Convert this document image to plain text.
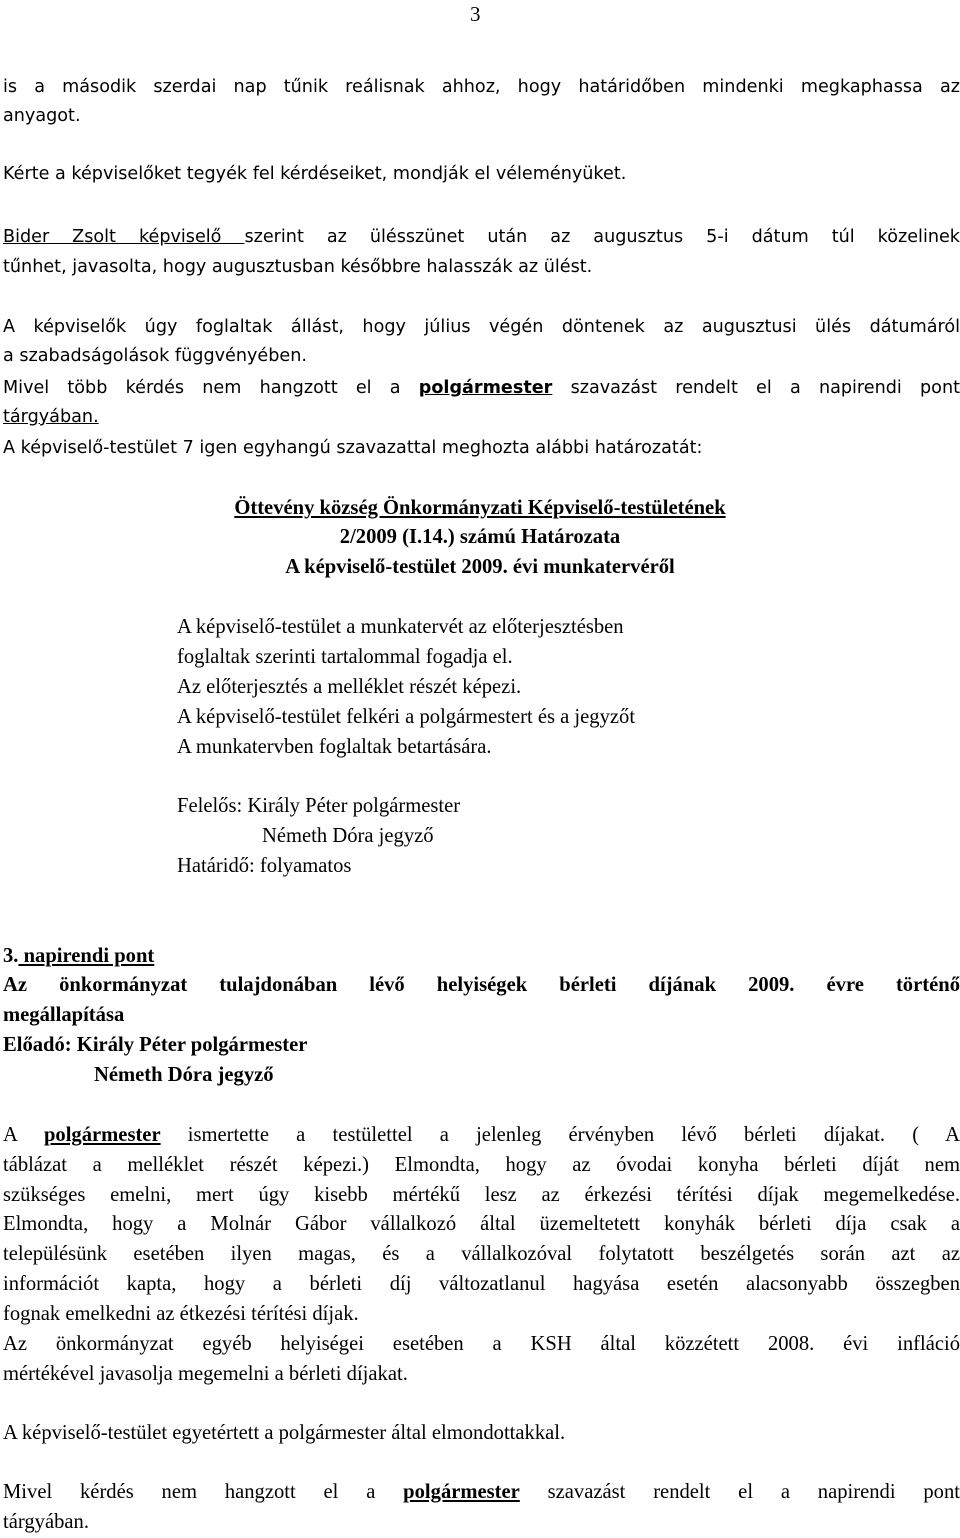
3
is a második szerdai nap tűnik reálisnak ahhoz, hogy határidőben mindenki megkaphassa az
anyagot.
Kérte a képviselőket tegyék fel kérdéseiket, mondják el véleményüket.
Bider Zsolt képviselő szerint az ülésszünet után az augusztus 5-i dátum túl közelinek
tűnhet, javasolta, hogy augusztusban későbbre halasszák az ülést.
A képviselők úgy foglaltak állást, hogy július végén döntenek az augusztusi ülés dátumáról
a szabadságolások függvényében.
Mivel több kérdés nem hangzott el a polgármester szavazást rendelt el a napirendi pont
tárgyában.
A képviselő-testület 7 igen egyhangú szavazattal meghozta alábbi határozatát:
Öttevény község Önkormányzati Képviselő-testületének
2/2009 (I.14.) számú Határozata
A képviselő-testület 2009. évi munkatervéről
A képviselő-testület a munkatervét az előterjesztésben
foglaltak szerinti tartalommal fogadja el.
Az előterjesztés a melléklet részét képezi.
A képviselő-testület felkéri a polgármestert és a jegyzőt
A munkatervben foglaltak betartására.
Felelős: Király Péter polgármester
Németh Dóra jegyző
Határidő: folyamatos
3. napirendi pont
Az önkormányzat tulajdonában lévő helyiségek bérleti díjának 2009. évre történő
megállapítása
Előadó: Király Péter polgármester
Németh Dóra jegyző
A polgármester ismertette a testülettel a jelenleg érvényben lévő bérleti díjakat. ( A
táblázat a melléklet részét képezi.) Elmondta, hogy az óvodai konyha bérleti díját nem
szükséges emelni, mert úgy kisebb mértékű lesz az érkezési térítési díjak megemelkedése.
Elmondta, hogy a Molnár Gábor vállalkozó által üzemeltetett konyhák bérleti díja csak a
településünk esetében ilyen magas, és a vállalkozóval folytatott beszélgetés során azt az
információt kapta, hogy a bérleti díj változatlanul hagyása esetén alacsonyabb összegben
fognak emelkedni az étkezési térítési díjak.
Az önkormányzat egyéb helyiségei esetében a KSH által közzétett 2008. évi infláció
mértékével javasolja megemelni a bérleti díjakat.
A képviselő-testület egyetértett a polgármester által elmondottakkal.
Mivel kérdés nem hangzott el a polgármester szavazást rendelt el a napirendi pont
tárgyában.
